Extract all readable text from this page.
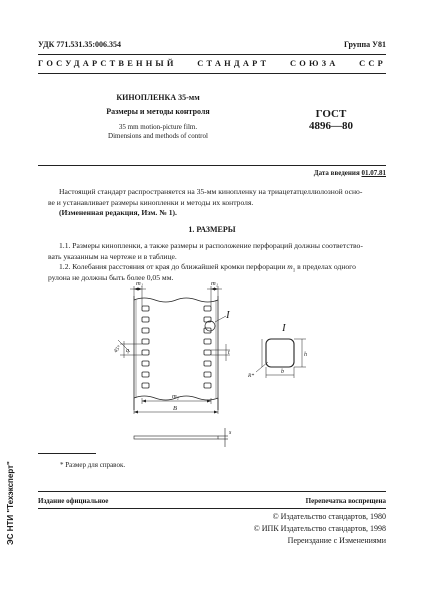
УДК 771.531.35:006.354	Группа У81
ГОСУДАРСТВЕННЫЙ СТАНДАРТ СОЮЗА ССР
КИНОПЛЕНКА 35-мм
Размеры и методы контроля
35 mm motion-picture film.
Dimensions and methods of control
ГОСТ
4896—80
Дата введения 01.07.81
Настоящий стандарт распространяется на 35-мм кинопленку на триацетатцеллюлозной осно-
ве и устанавливает размеры кинопленки и методы их контроля.
(Измененная редакция, Изм. № 1).
1. РАЗМЕРЫ
1.1. Размеры кинопленки, а также размеры и расположение перфораций должны соответство-
вать указанным на чертеже и в таблице.
1.2. Колебания расстояния от края до ближайшей кромки перфорации $m_1$ в пределах одного
рулона не должны быть более 0,05 мм.
m₁	m₁
m₂
B
q	t
45°
I
I
h
b
R*
s
* Размер для справок.
Издание официальное	Перепечатка воспрещена
© Издательство стандартов, 1980
© ИПК Издательство стандартов, 1998
Переиздание с Изменениями
ЭС НТИ "Техэксперт"
